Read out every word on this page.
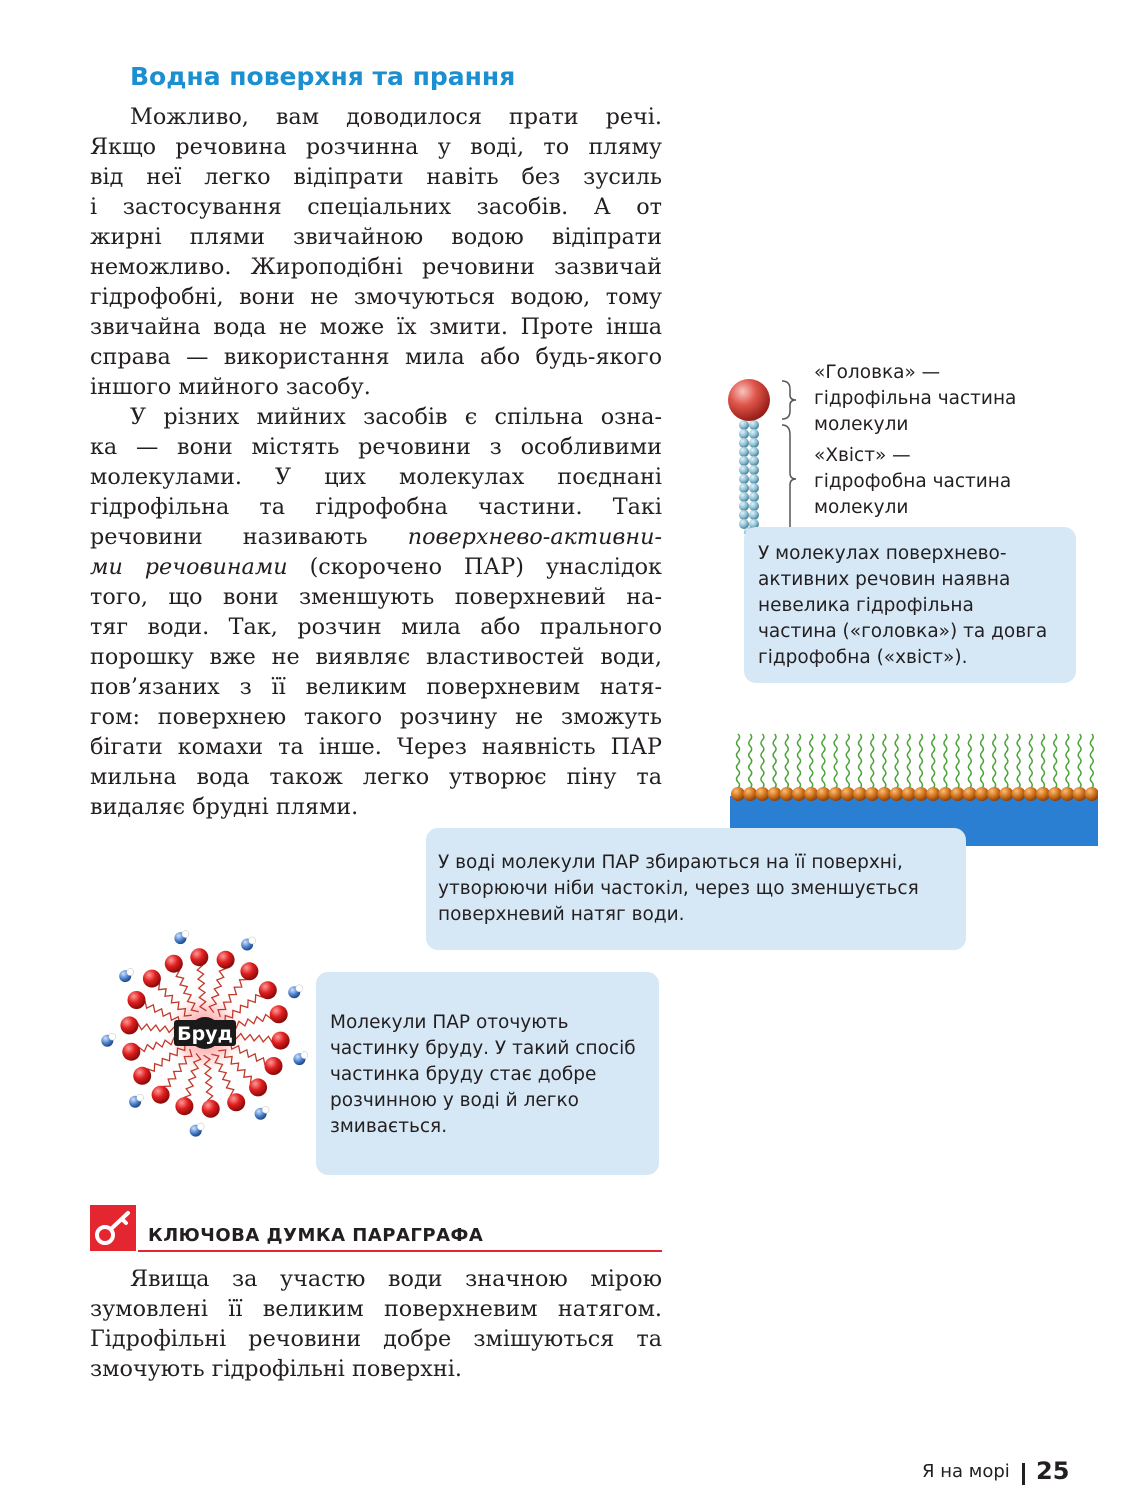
Водна поверхня та прання
Можливо, вам доводилося прати речі.
Якщо речовина розчинна у воді, то пляму
від неї легко відіпрати навіть без зусиль
і застосування спеціальних засобів. А от
жирні плями звичайною водою відіпрати
неможливо. Жироподібні речовини зазвичай
гідрофобні, вони не змочуються водою, тому
звичайна вода не може їх змити. Проте інша
справа — використання мила або будь-якого
іншого мийного засобу.
У різних мийних засобів є спільна озна-
ка — вони містять речовини з особливими
молекулами. У цих молекулах поєднані
гідрофільна та гідрофобна частини. Такі
речовини називають поверхнево-активни-
ми речовинами (скорочено ПАР) унаслідок
того, що вони зменшують поверхневий на-
тяг води. Так, розчин мила або прального
порошку вже не виявляє властивостей води,
пов’язаних з її великим поверхневим натя-
гом: поверхнею такого розчину не зможуть
бігати комахи та інше. Через наявність ПАР
мильна вода також легко утворює піну та
видаляє брудні плями.
«Головка» —
гідрофільна частина
молекули
«Хвіст» —
гідрофобна частина
молекули
У молекулах поверхнево-
активних речовин наявна
невелика гідрофільна
частина («головка») та довга
гідрофобна («хвіст»).
У воді молекули ПАР збираються на її поверхні,
утворюючи ніби частокіл, через що зменшується
поверхневий натяг води.
Бруд
Молекули ПАР оточують
частинку бруду. У такий спосіб
частинка бруду стає добре
розчинною у воді й легко
змивається.
КЛЮЧОВА ДУМКА ПАРАГРАФА
Явища за участю води значною мірою
зумовлені її великим поверхневим натягом.
Гідрофільні речовини добре змішуються та
змочують гідрофільні поверхні.
Я на морі 25
